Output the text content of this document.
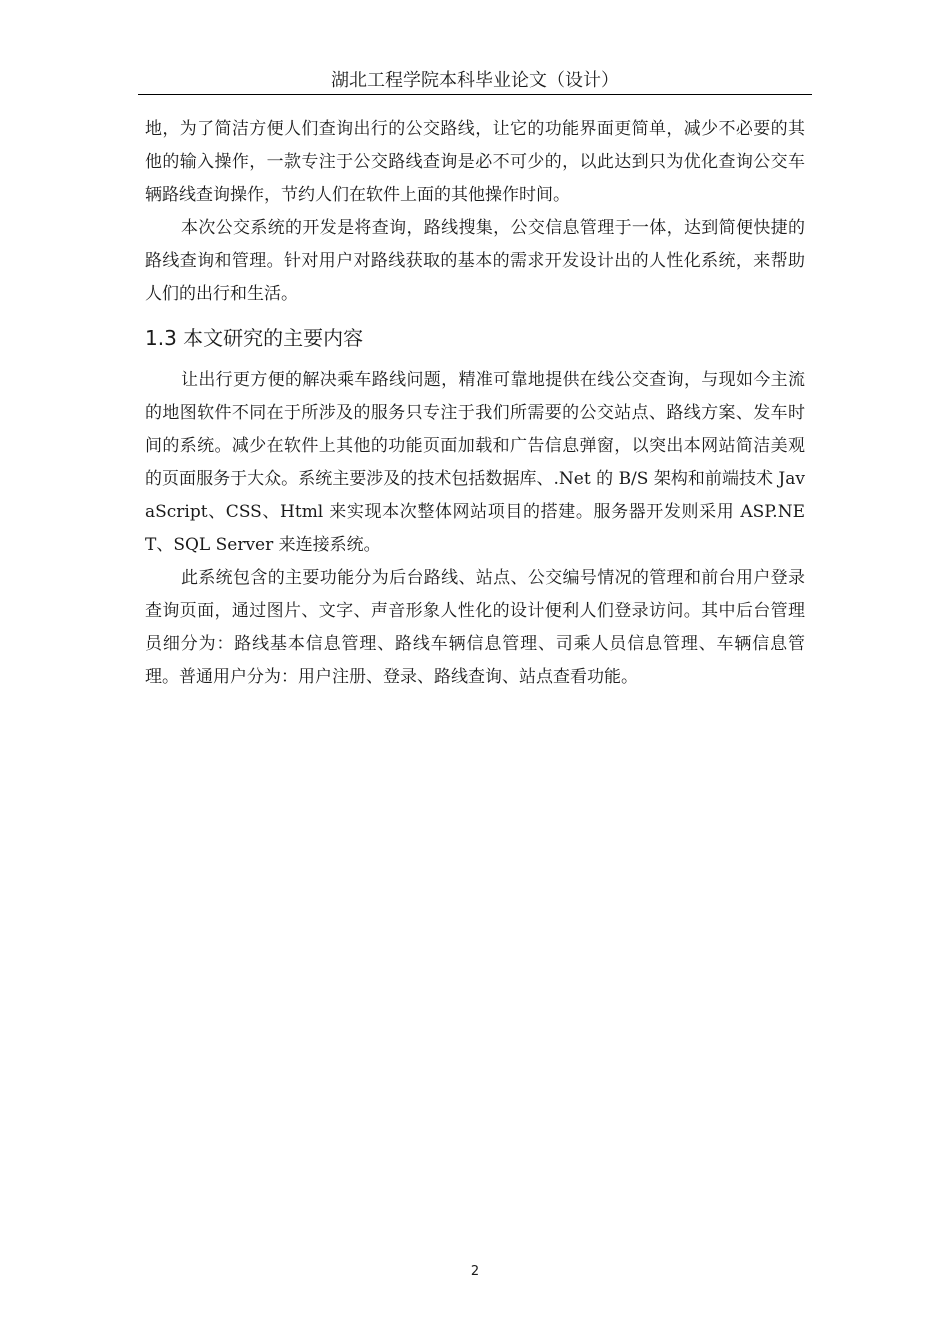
湖北工程学院本科毕业论文（设计）

地，为了简洁方便人们查询出行的公交路线，让它的功能界面更简单，减少不必要的其他的输入操作，一款专注于公交路线查询是必不可少的，以此达到只为优化查询公交车辆路线查询操作，节约人们在软件上面的其他操作时间。

本次公交系统的开发是将查询，路线搜集，公交信息管理于一体，达到简便快捷的路线查询和管理。针对用户对路线获取的基本的需求开发设计出的人性化系统，来帮助人们的出行和生活。

1.3 本文研究的主要内容

让出行更方便的解决乘车路线问题，精准可靠地提供在线公交查询，与现如今主流的地图软件不同在于所涉及的服务只专注于我们所需要的公交站点、路线方案、发车时间的系统。减少在软件上其他的功能页面加载和广告信息弹窗，以突出本网站简洁美观的页面服务于大众。系统主要涉及的技术包括数据库、.Net 的 B/S 架构和前端技术 JavaScript、CSS、Html 来实现本次整体网站项目的搭建。服务器开发则采用 ASP.NET、SQL Server 来连接系统。

此系统包含的主要功能分为后台路线、站点、公交编号情况的管理和前台用户登录查询页面，通过图片、文字、声音形象人性化的设计便利人们登录访问。其中后台管理员细分为：路线基本信息管理、路线车辆信息管理、司乘人员信息管理、车辆信息管理。普通用户分为：用户注册、登录、路线查询、站点查看功能。

2
